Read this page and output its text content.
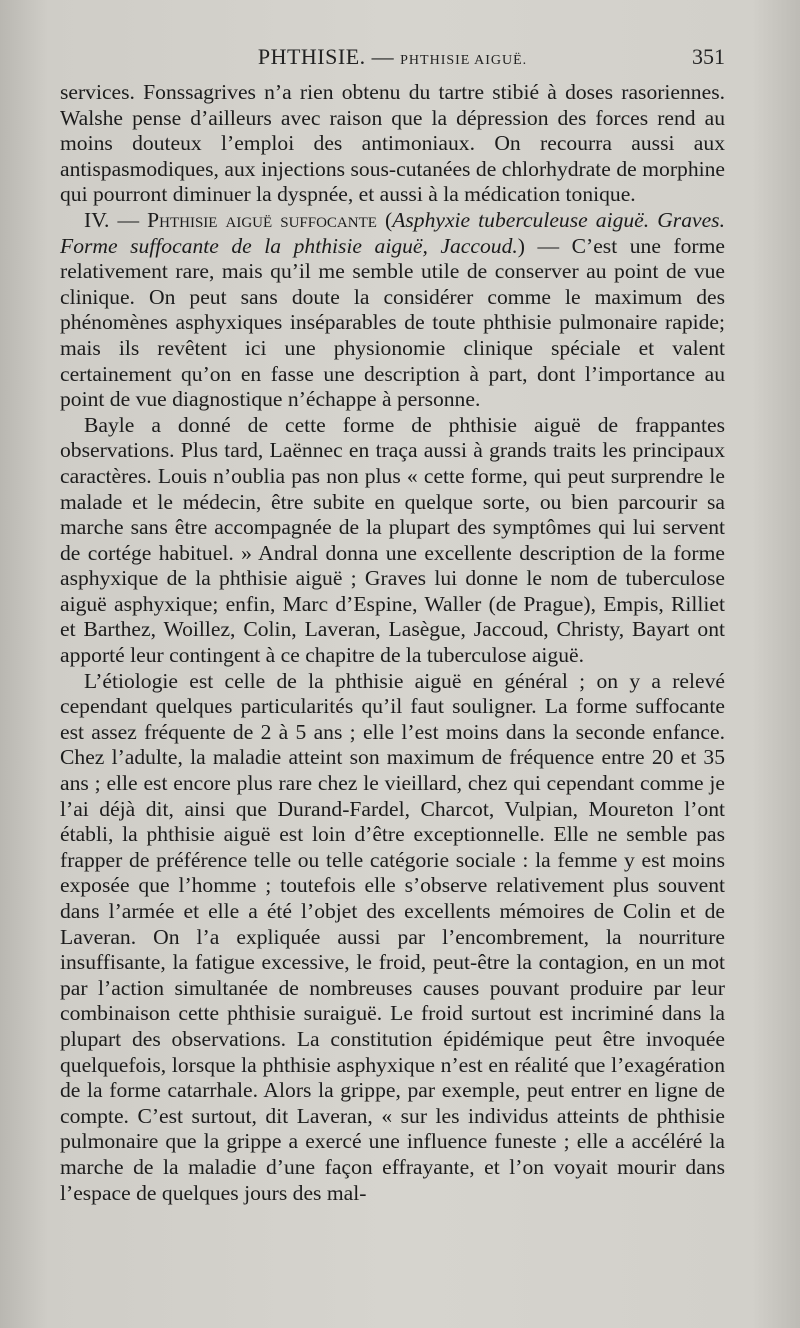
PHTHISIE. — PHTHISIE AIGUË.	351

services. Fonssagrives n’a rien obtenu du tartre stibié à doses rasoriennes. Walshe pense d’ailleurs avec raison que la dépression des forces rend au moins douteux l’emploi des antimoniaux. On recourra aussi aux antispasmodiques, aux injections sous-cutanées de chlorhydrate de morphine qui pourront diminuer la dyspnée, et aussi à la médication tonique.

IV. — Phthisie aiguë suffocante (Asphyxie tuberculeuse aiguë. Graves. Forme suffocante de la phthisie aiguë, Jaccoud.) — C’est une forme relativement rare, mais qu’il me semble utile de conserver au point de vue clinique. On peut sans doute la considérer comme le maximum des phénomènes asphyxiques inséparables de toute phthisie pulmonaire rapide; mais ils revêtent ici une physionomie clinique spéciale et valent certainement qu’on en fasse une description à part, dont l’importance au point de vue diagnostique n’échappe à personne.

Bayle a donné de cette forme de phthisie aiguë de frappantes observations. Plus tard, Laënnec en traça aussi à grands traits les principaux caractères. Louis n’oublia pas non plus « cette forme, qui peut surprendre le malade et le médecin, être subite en quelque sorte, ou bien parcourir sa marche sans être accompagnée de la plupart des symptômes qui lui servent de cortége habituel. » Andral donna une excellente description de la forme asphyxique de la phthisie aiguë ; Graves lui donne le nom de tuberculose aiguë asphyxique; enfin, Marc d’Espine, Waller (de Prague), Empis, Rilliet et Barthez, Woillez, Colin, Laveran, Lasègue, Jaccoud, Christy, Bayart ont apporté leur contingent à ce chapitre de la tuberculose aiguë.

L’étiologie est celle de la phthisie aiguë en général ; on y a relevé cependant quelques particularités qu’il faut souligner. La forme suffocante est assez fréquente de 2 à 5 ans ; elle l’est moins dans la seconde enfance. Chez l’adulte, la maladie atteint son maximum de fréquence entre 20 et 35 ans ; elle est encore plus rare chez le vieillard, chez qui cependant comme je l’ai déjà dit, ainsi que Durand-Fardel, Charcot, Vulpian, Moureton l’ont établi, la phthisie aiguë est loin d’être exceptionnelle. Elle ne semble pas frapper de préférence telle ou telle catégorie sociale : la femme y est moins exposée que l’homme ; toutefois elle s’observe relativement plus souvent dans l’armée et elle a été l’objet des excellents mémoires de Colin et de Laveran. On l’a expliquée aussi par l’encombrement, la nourriture insuffisante, la fatigue excessive, le froid, peut-être la contagion, en un mot par l’action simultanée de nombreuses causes pouvant produire par leur combinaison cette phthisie suraiguë. Le froid surtout est incriminé dans la plupart des observations. La constitution épidémique peut être invoquée quelquefois, lorsque la phthisie asphyxique n’est en réalité que l’exagération de la forme catarrhale. Alors la grippe, par exemple, peut entrer en ligne de compte. C’est surtout, dit Laveran, « sur les individus atteints de phthisie pulmonaire que la grippe a exercé une influence funeste ; elle a accéléré la marche de la maladie d’une façon effrayante, et l’on voyait mourir dans l’espace de quelques jours des mal-
